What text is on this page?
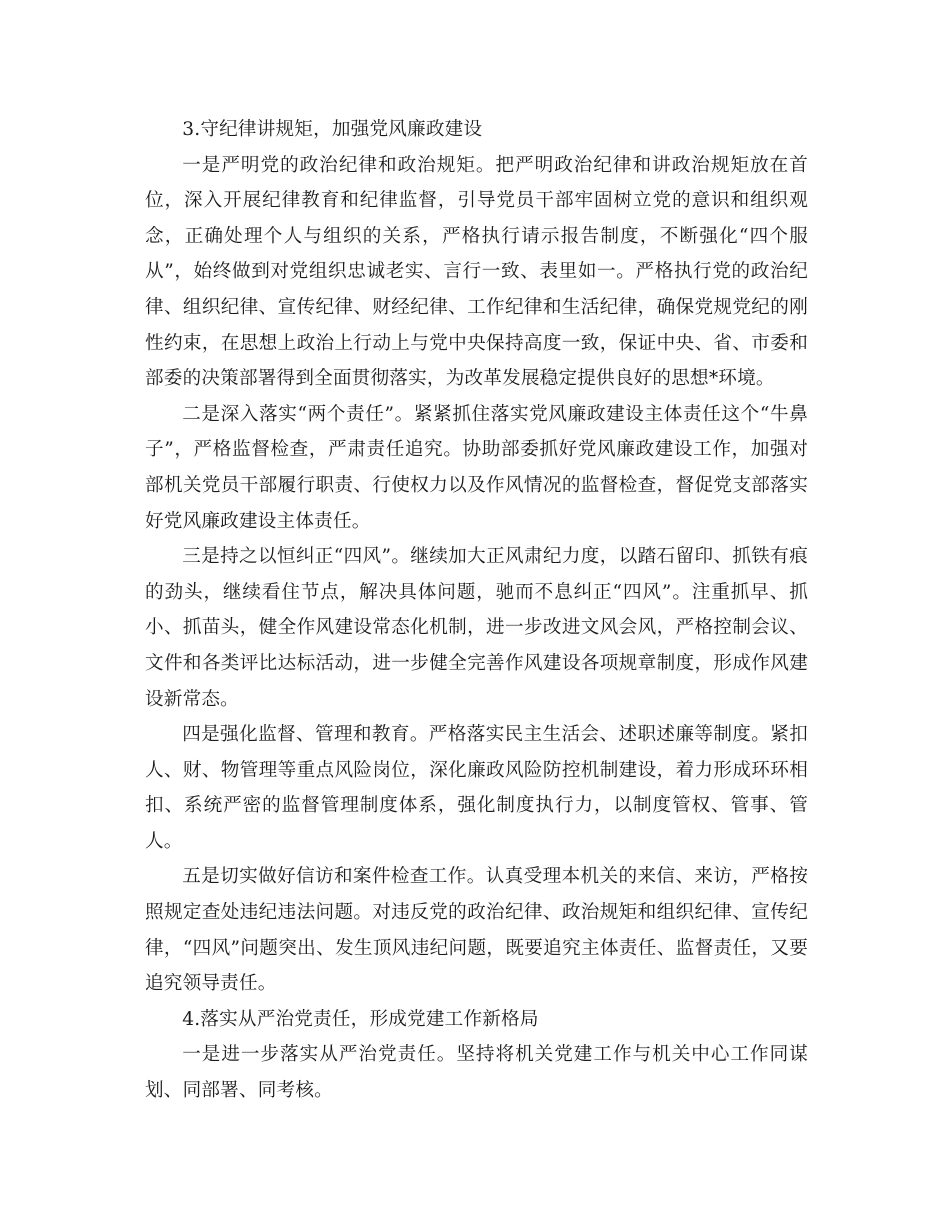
3.守纪律讲规矩，加强党风廉政建设

一是严明党的政治纪律和政治规矩。把严明政治纪律和讲政治规矩放在首位，深入开展纪律教育和纪律监督，引导党员干部牢固树立党的意识和组织观念，正确处理个人与组织的关系，严格执行请示报告制度，不断强化“四个服从”，始终做到对党组织忠诚老实、言行一致、表里如一。严格执行党的政治纪律、组织纪律、宣传纪律、财经纪律、工作纪律和生活纪律，确保党规党纪的刚性约束，在思想上政治上行动上与党中央保持高度一致，保证中央、省、市委和部委的决策部署得到全面贯彻落实，为改革发展稳定提供良好的思想*环境。

二是深入落实“两个责任”。紧紧抓住落实党风廉政建设主体责任这个“牛鼻子”，严格监督检查，严肃责任追究。协助部委抓好党风廉政建设工作，加强对部机关党员干部履行职责、行使权力以及作风情况的监督检查，督促党支部落实好党风廉政建设主体责任。

三是持之以恒纠正“四风”。继续加大正风肃纪力度，以踏石留印、抓铁有痕的劲头，继续看住节点，解决具体问题，驰而不息纠正“四风”。注重抓早、抓小、抓苗头，健全作风建设常态化机制，进一步改进文风会风，严格控制会议、文件和各类评比达标活动，进一步健全完善作风建设各项规章制度，形成作风建设新常态。

四是强化监督、管理和教育。严格落实民主生活会、述职述廉等制度。紧扣人、财、物管理等重点风险岗位，深化廉政风险防控机制建设，着力形成环环相扣、系统严密的监督管理制度体系，强化制度执行力，以制度管权、管事、管人。

五是切实做好信访和案件检查工作。认真受理本机关的来信、来访，严格按照规定查处违纪违法问题。对违反党的政治纪律、政治规矩和组织纪律、宣传纪律，“四风”问题突出、发生顶风违纪问题，既要追究主体责任、监督责任，又要追究领导责任。

4.落实从严治党责任，形成党建工作新格局

一是进一步落实从严治党责任。坚持将机关党建工作与机关中心工作同谋划、同部署、同考核。
